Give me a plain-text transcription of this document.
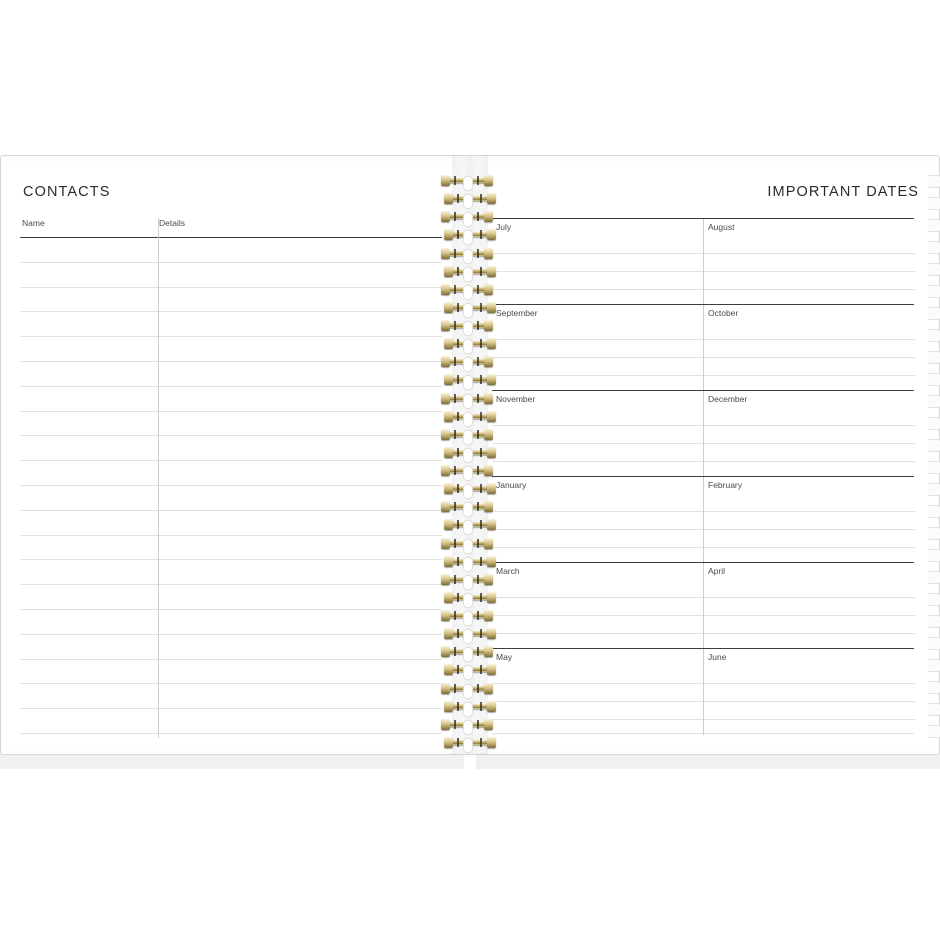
CONTACTS
Name	Details
IMPORTANT DATES
July	August
September	October
November	December
January	February
March	April
May	June
